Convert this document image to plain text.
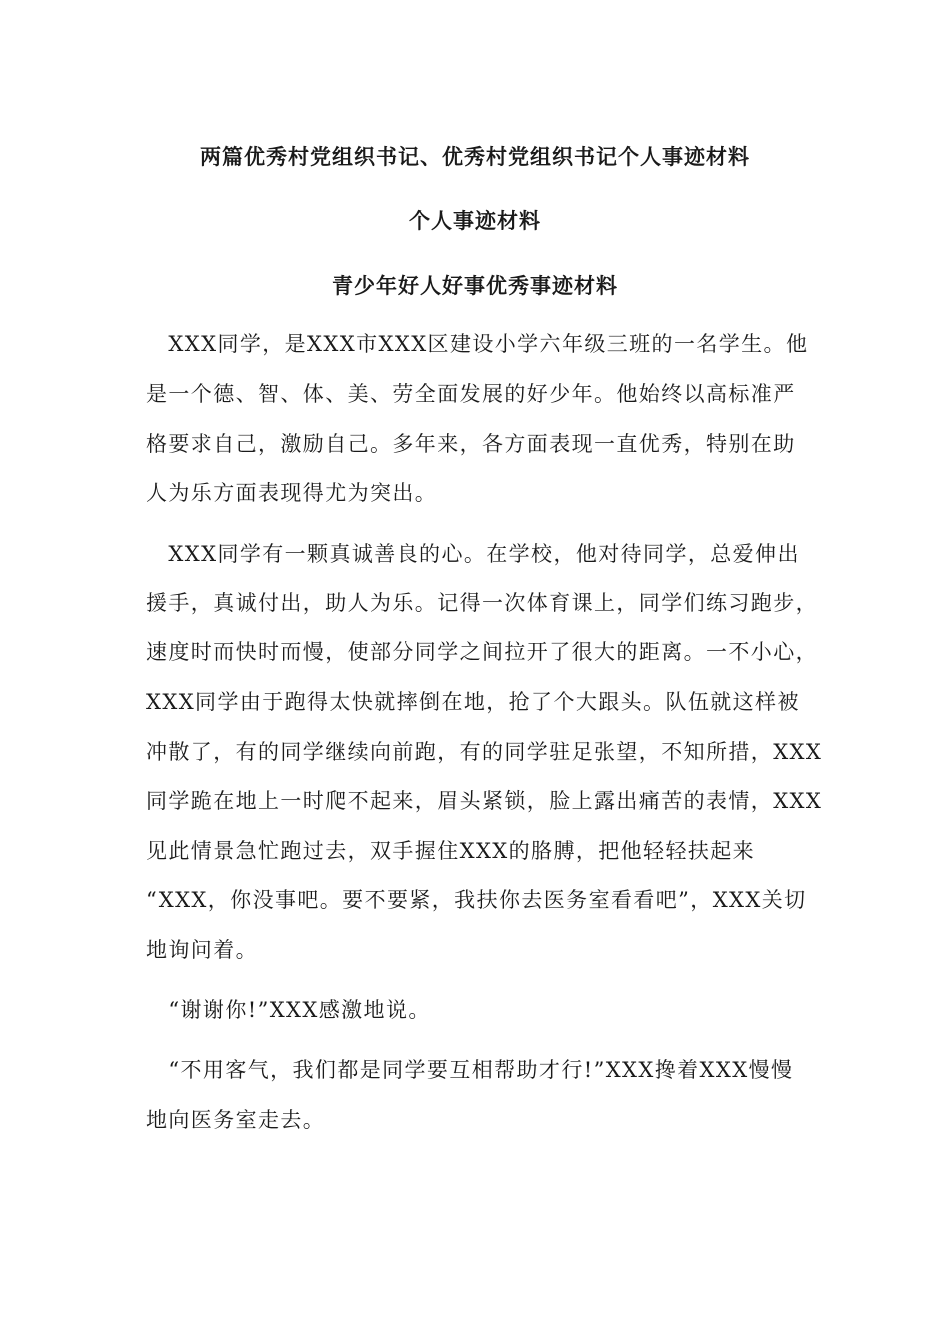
两篇优秀村党组织书记、优秀村党组织书记个人事迹材料
个人事迹材料
青少年好人好事优秀事迹材料
　XXX同学，是XXX市XXX区建设小学六年级三班的一名学生。他
是一个德、智、体、美、劳全面发展的好少年。他始终以高标准严
格要求自己，激励自己。多年来，各方面表现一直优秀，特别在助
人为乐方面表现得尤为突出。
　XXX同学有一颗真诚善良的心。在学校，他对待同学，总爱伸出
援手，真诚付出，助人为乐。记得一次体育课上，同学们练习跑步，
速度时而快时而慢，使部分同学之间拉开了很大的距离。一不小心，
XXX同学由于跑得太快就摔倒在地，抢了个大跟头。队伍就这样被
冲散了，有的同学继续向前跑，有的同学驻足张望，不知所措，XXX
同学跪在地上一时爬不起来，眉头紧锁，脸上露出痛苦的表情，XXX
见此情景急忙跑过去，双手握住XXX的胳膊，把他轻轻扶起来
“XXX，你没事吧。要不要紧，我扶你去医务室看看吧”，XXX关切
地询问着。
　“谢谢你!”XXX感激地说。
　“不用客气，我们都是同学要互相帮助才行!”XXX搀着XXX慢慢
地向医务室走去。
